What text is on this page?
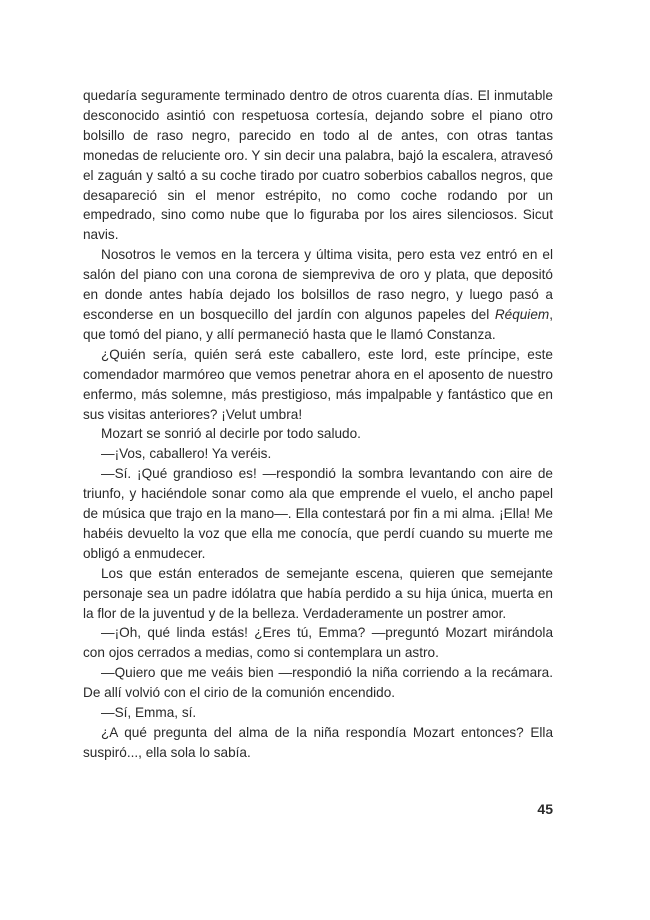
quedaría seguramente terminado dentro de otros cuarenta días. El inmutable desconocido asintió con respetuosa cortesía, dejando sobre el piano otro bolsillo de raso negro, parecido en todo al de antes, con otras tantas monedas de reluciente oro. Y sin decir una palabra, bajó la escalera, atravesó el zaguán y saltó a su coche tirado por cuatro soberbios caballos negros, que desapareció sin el menor estrépito, no como coche rodando por un empedrado, sino como nube que lo figuraba por los aires silenciosos. Sicut navis.

Nosotros le vemos en la tercera y última visita, pero esta vez entró en el salón del piano con una corona de siempreviva de oro y plata, que depositó en donde antes había dejado los bolsillos de raso negro, y luego pasó a esconderse en un bosquecillo del jardín con algunos papeles del Réquiem, que tomó del piano, y allí permaneció hasta que le llamó Constanza.

¿Quién sería, quién será este caballero, este lord, este príncipe, este comendador marmóreo que vemos penetrar ahora en el aposento de nuestro enfermo, más solemne, más prestigioso, más impalpable y fantástico que en sus visitas anteriores? ¡Velut umbra!

Mozart se sonrió al decirle por todo saludo.

—¡Vos, caballero! Ya veréis.

—Sí. ¡Qué grandioso es! —respondió la sombra levantando con aire de triunfo, y haciéndole sonar como ala que emprende el vuelo, el ancho papel de música que trajo en la mano—. Ella contestará por fin a mi alma. ¡Ella! Me habéis devuelto la voz que ella me conocía, que perdí cuando su muerte me obligó a enmudecer.

Los que están enterados de semejante escena, quieren que semejante personaje sea un padre idólatra que había perdido a su hija única, muerta en la flor de la juventud y de la belleza. Verdaderamente un postrer amor.

—¡Oh, qué linda estás! ¿Eres tú, Emma? —preguntó Mozart mirándola con ojos cerrados a medias, como si contemplara un astro.

—Quiero que me veáis bien —respondió la niña corriendo a la recámara. De allí volvió con el cirio de la comunión encendido.

—Sí, Emma, sí.

¿A qué pregunta del alma de la niña respondía Mozart entonces? Ella suspiró..., ella sola lo sabía.

45
